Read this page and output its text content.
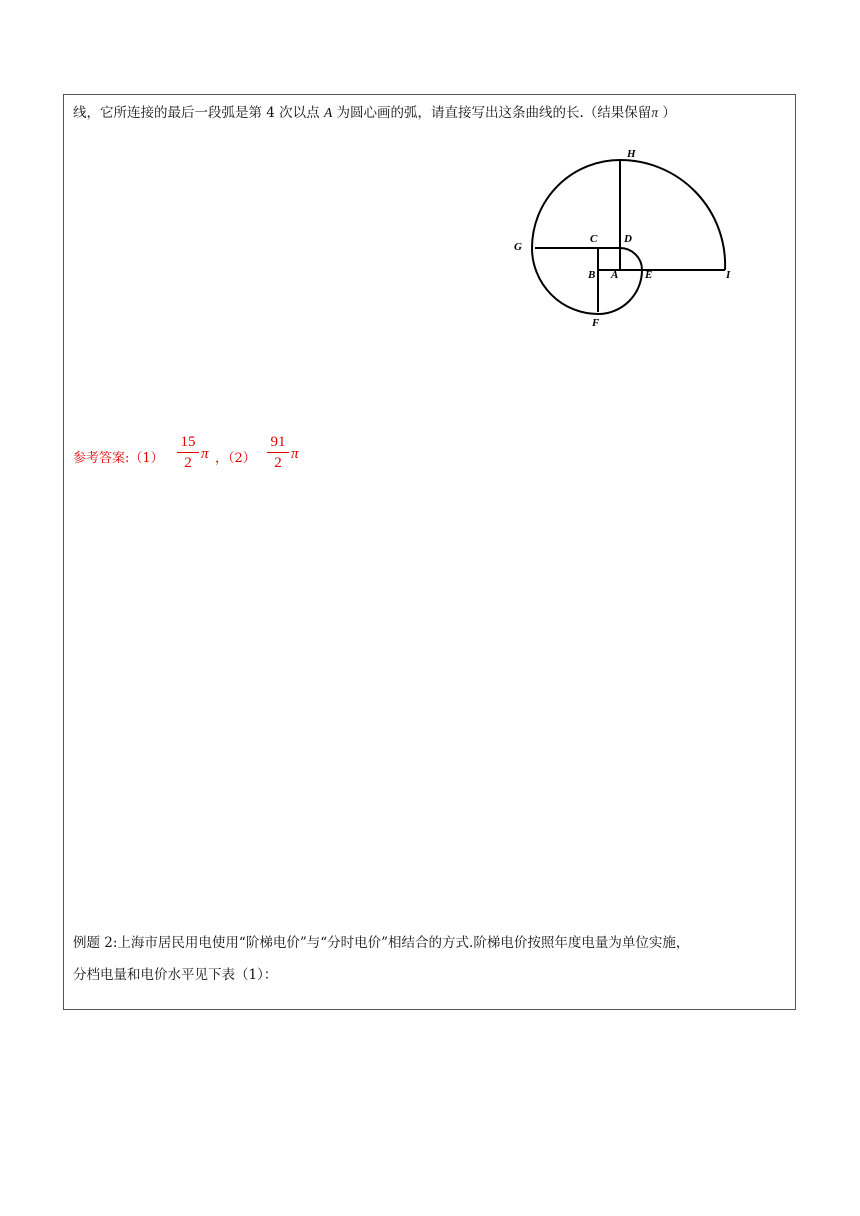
线，它所连接的最后一段弧是第 4 次以点 A 为圆心画的弧，请直接写出这条曲线的长.（结果保留π ）
H
C D
G
B A E	I
F
参考答案:（1）
15
2
π ，（2）
91
2
π
例题 2:上海市居民用电使用“阶梯电价”与“分时电价”相结合的方式.阶梯电价按照年度电量为单位实施，
分档电量和电价水平见下表（1）：
